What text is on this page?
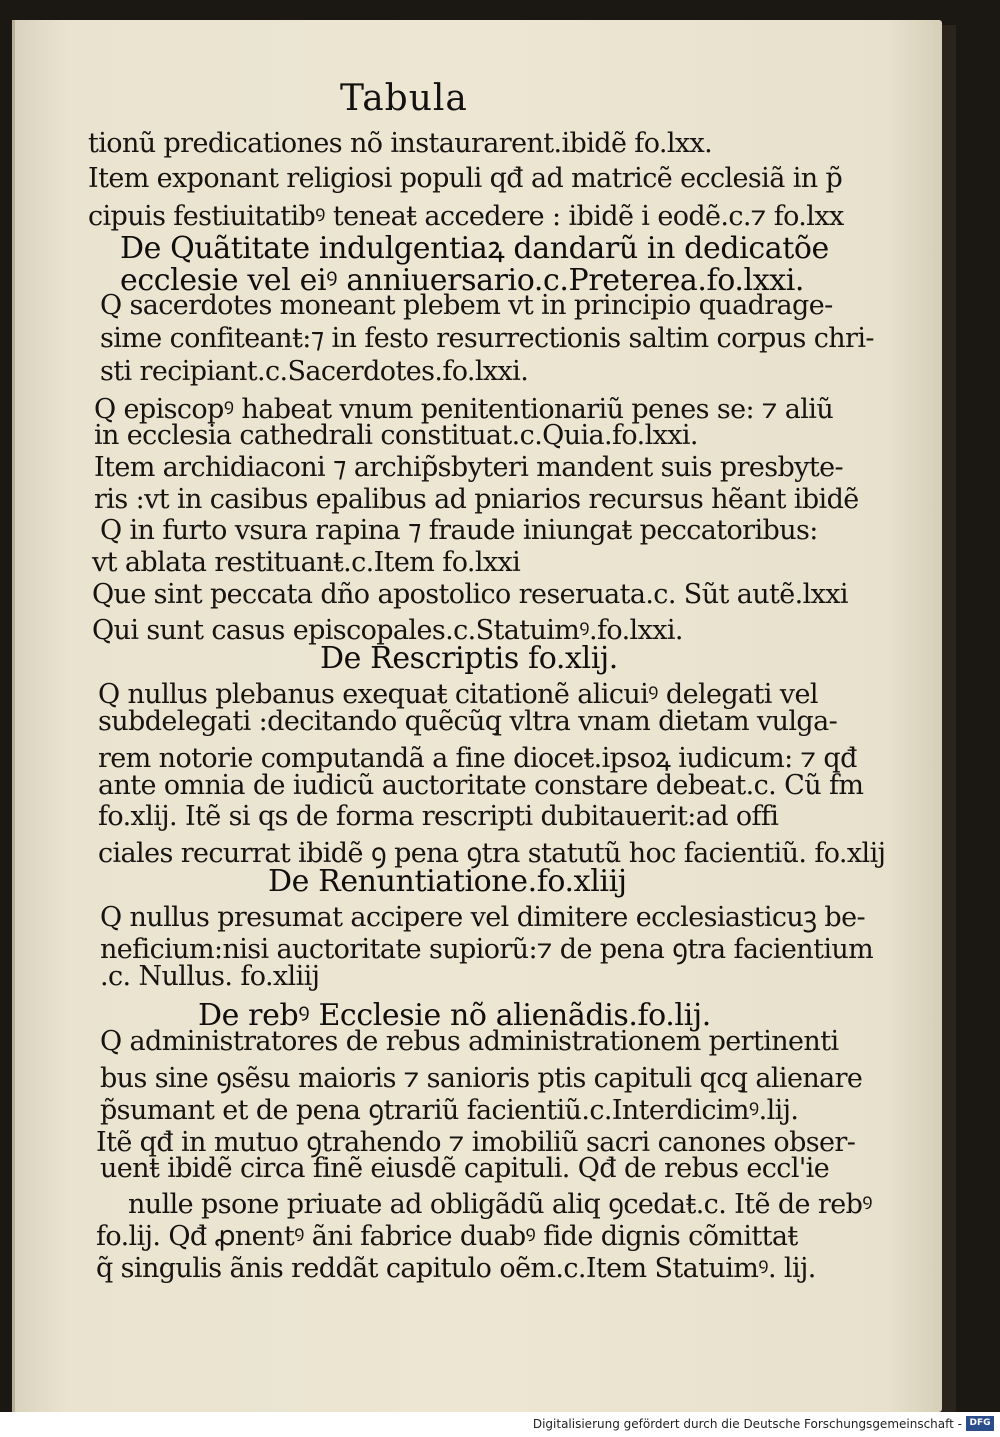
Tabula
tionũ predicationes nõ instaurarent.ibidẽ fo.lxx.
Item exponant religiosi populi qđ ad matricẽ ecclesiã in p̃
cipuis festiuitatibꝰ teneaŧ accedere : ibidẽ i eodẽ.c.⁊ fo.lxx
De Quãtitate indulgentiaꝝ dandarũ in dedicatõe
ecclesie vel eiꝰ anniuersario.c.Preterea.fo.lxxi.
Q sacerdotes moneant plebem vt in principio quadrage-
sime confiteanŧ:⁊ in festo resurrectionis saltim corpus chri-
sti recipiant.c.Sacerdotes.fo.lxxi.
Q episcopꝰ habeat vnum penitentionariũ penes se: ⁊ aliũ
in ecclesia cathedrali constituat.c.Quia.fo.lxxi.
Item archidiaconi ⁊ archip̃sbyteri mandent suis presbyte-
ris :vt in casibus epalibus ad pniarios recursus hẽant ibidẽ
Q in furto vsura rapina ⁊ fraude iniungaŧ peccatoribus:
vt ablata restituanŧ.c.Item fo.lxxi
Que sint peccata dño apostolico reseruata.c. Sũt autẽ.lxxi
Qui sunt casus episcopales.c.Statuimꝰ.fo.lxxi.
De Rescriptis fo.xlij.
Q nullus plebanus exequaŧ citationẽ alicuiꝰ delegati vel
subdelegati :decitando quẽcũq̧ vltra vnam dietam vulga-
rem notorie computandã a fine dioceŧ.ipsoꝝ iudicum: ⁊ qđ
ante omnia de iudicũ auctoritate constare debeat.c. Cũ fm
fo.xlij. Itẽ si qs de forma rescripti dubitauerit:ad offi
ciales recurrat ibidẽ ꝯ pena ꝯtra statutũ hoc facientiũ. fo.xlij
De Renuntiatione.fo.xliij
Q nullus presumat accipere vel dimitere ecclesiasticuꝫ be-
neficium:nisi auctoritate supiorũ:⁊ de pena ꝯtra facientium
.c. Nullus. fo.xliij
De rebꝰ Ecclesie nõ alienãdis.fo.lij.
Q administratores de rebus administrationem pertinenti
bus sine ꝯsẽsu maioris ⁊ sanioris ptis capituli qcq̧ alienare
p̃sumant et de pena ꝯtrariũ facientiũ.c.Interdicimꝰ.lij.
Itẽ qđ in mutuo ꝯtrahendo ⁊ imobiliũ sacri canones obser-
uenŧ ibidẽ circa finẽ eiusdẽ capituli. Qđ de rebus eccl'ie
nulle psone priuate ad obligãdũ aliq ꝯcedaŧ.c. Itẽ de rebꝰ
fo.lij. Qđ ꝓnentꝰ ãni fabrice duabꝰ fide dignis cõmittaŧ
q̃ singulis ãnis reddãt capitulo oẽm.c.Item Statuimꝰ. lij.
Digitalisierung gefördert durch die Deutsche Forschungsgemeinschaft - DFG
